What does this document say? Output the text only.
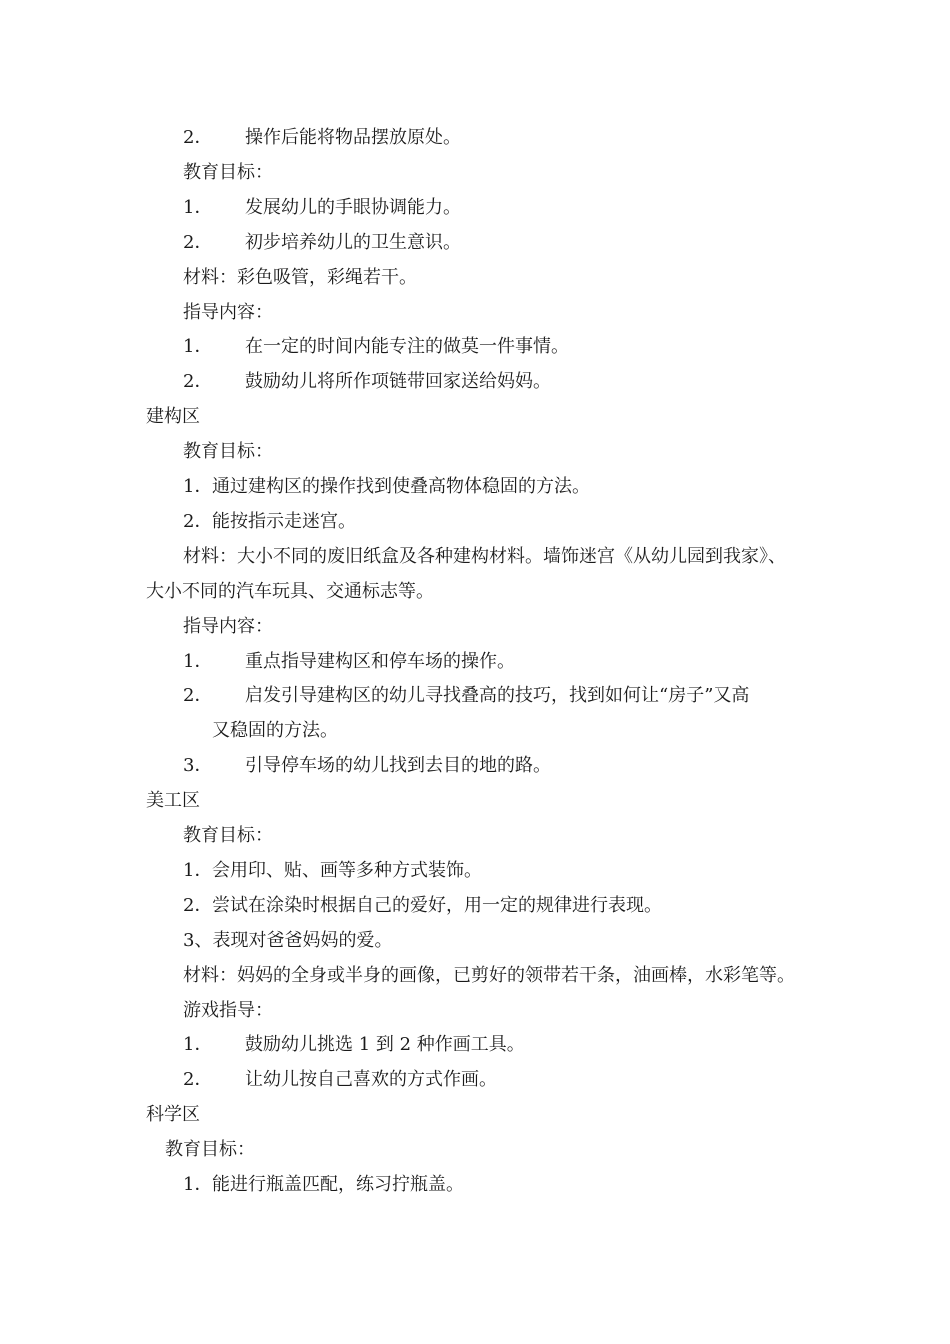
2． 操作后能将物品摆放原处。
教育目标：
1． 发展幼儿的手眼协调能力。
2． 初步培养幼儿的卫生意识。
材料：彩色吸管，彩绳若干。
指导内容：
1． 在一定的时间内能专注的做莫一件事情。
2． 鼓励幼儿将所作项链带回家送给妈妈。
建构区
教育目标：
1． 通过建构区的操作找到使叠高物体稳固的方法。
2． 能按指示走迷宫。
材料：大小不同的废旧纸盒及各种建构材料。墙饰迷宫《从幼儿园到我家》、
大小不同的汽车玩具、交通标志等。
指导内容：
1． 重点指导建构区和停车场的操作。
2． 启发引导建构区的幼儿寻找叠高的技巧，找到如何让“房子”又高
又稳固的方法。
3． 引导停车场的幼儿找到去目的地的路。
美工区
教育目标：
1． 会用印、贴、画等多种方式装饰。
2． 尝试在涂染时根据自己的爱好，用一定的规律进行表现。
3、表现对爸爸妈妈的爱。
材料：妈妈的全身或半身的画像，已剪好的领带若干条，油画棒，水彩笔等。
游戏指导：
1． 鼓励幼儿挑选 1 到 2 种作画工具。
2． 让幼儿按自己喜欢的方式作画。
科学区
教育目标：
1． 能进行瓶盖匹配，练习拧瓶盖。
